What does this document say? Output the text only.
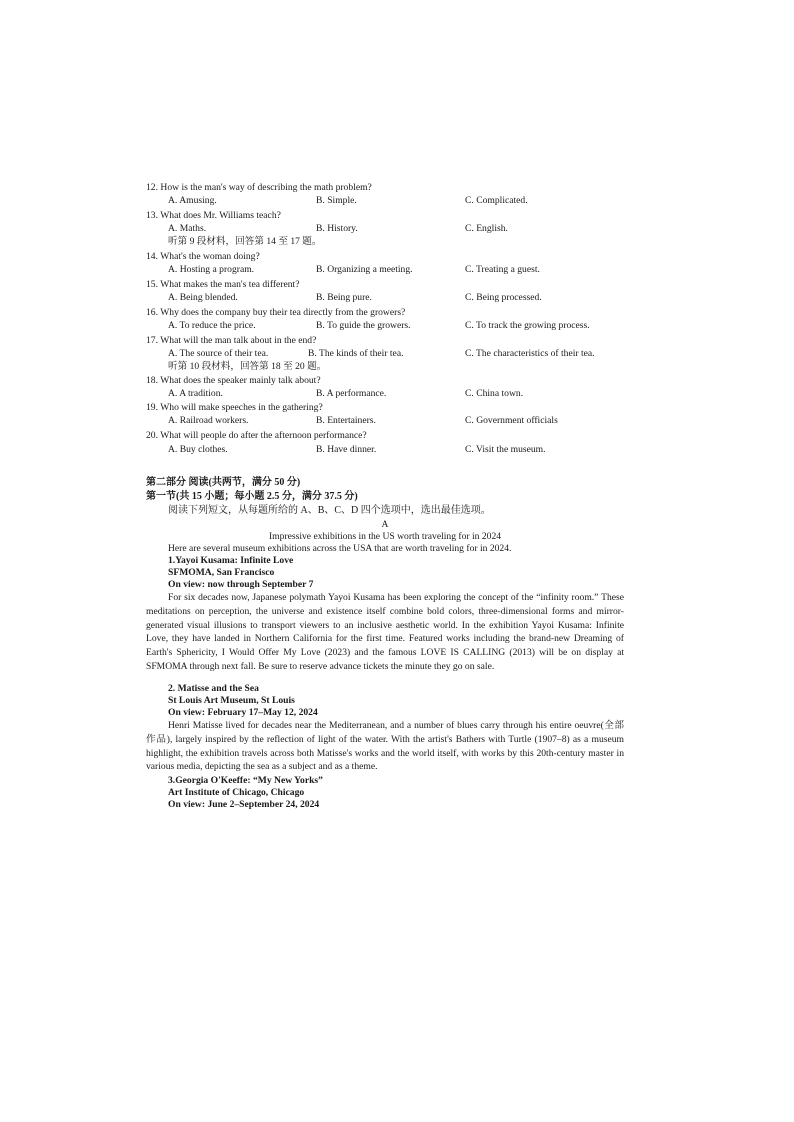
12. How is the man's way of describing the math problem?
A. Amusing.	B. Simple.	C. Complicated.
13. What does Mr. Williams teach?
A. Maths.	B. History.	C. English.
听第 9 段材料，回答第 14 至 17 题。
14. What's the woman doing?
A. Hosting a program.	B. Organizing a meeting.	C. Treating a guest.
15. What makes the man's tea different?
A. Being blended.	B. Being pure.	C. Being processed.
16. Why does the company buy their tea directly from the growers?
A. To reduce the price.	B. To guide the growers.	C. To track the growing process.
17. What will the man talk about in the end?
A. The source of their tea.	B. The kinds of their tea.	C. The characteristics of their tea.
听第 10 段材料，回答第 18 至 20 题。
18. What does the speaker mainly talk about?
A. A tradition.	B. A performance.	C. China town.
19. Who will make speeches in the gathering?
A. Railroad workers.	B. Entertainers.	C. Government officials
20. What will people do after the afternoon performance?
A. Buy clothes.	B. Have dinner.	C. Visit the museum.
第二部分 阅读(共两节，满分 50 分)
第一节(共 15 小题；每小题 2.5 分，满分 37.5 分)
阅读下列短文，从每题所给的 A、B、C、D 四个选项中，选出最佳选项。
A
Impressive exhibitions in the US worth traveling for in 2024
Here are several museum exhibitions across the USA that are worth traveling for in 2024.
1.Yayoi Kusama: Infinite Love
SFMOMA, San Francisco
On view: now through September 7
For six decades now, Japanese polymath Yayoi Kusama has been exploring the concept of the “infinity room.” These meditations on perception, the universe and existence itself combine bold colors, three-dimensional forms and mirror-generated visual illusions to transport viewers to an inclusive aesthetic world. In the exhibition Yayoi Kusama: Infinite Love, they have landed in Northern California for the first time. Featured works including the brand-new Dreaming of Earth's Sphericity, I Would Offer My Love (2023) and the famous LOVE IS CALLING (2013) will be on display at SFMOMA through next fall. Be sure to reserve advance tickets the minute they go on sale.
2. Matisse and the Sea
St Louis Art Museum, St Louis
On view: February 17–May 12, 2024
Henri Matisse lived for decades near the Mediterranean, and a number of blues carry through his entire oeuvre(全部作品), largely inspired by the reflection of light of the water. With the artist's Bathers with Turtle (1907–8) as a museum highlight, the exhibition travels across both Matisse's works and the world itself, with works by this 20th-century master in various media, depicting the sea as a subject and as a theme.
3.Georgia O'Keeffe: “My New Yorks”
Art Institute of Chicago, Chicago
On view: June 2–September 24, 2024
